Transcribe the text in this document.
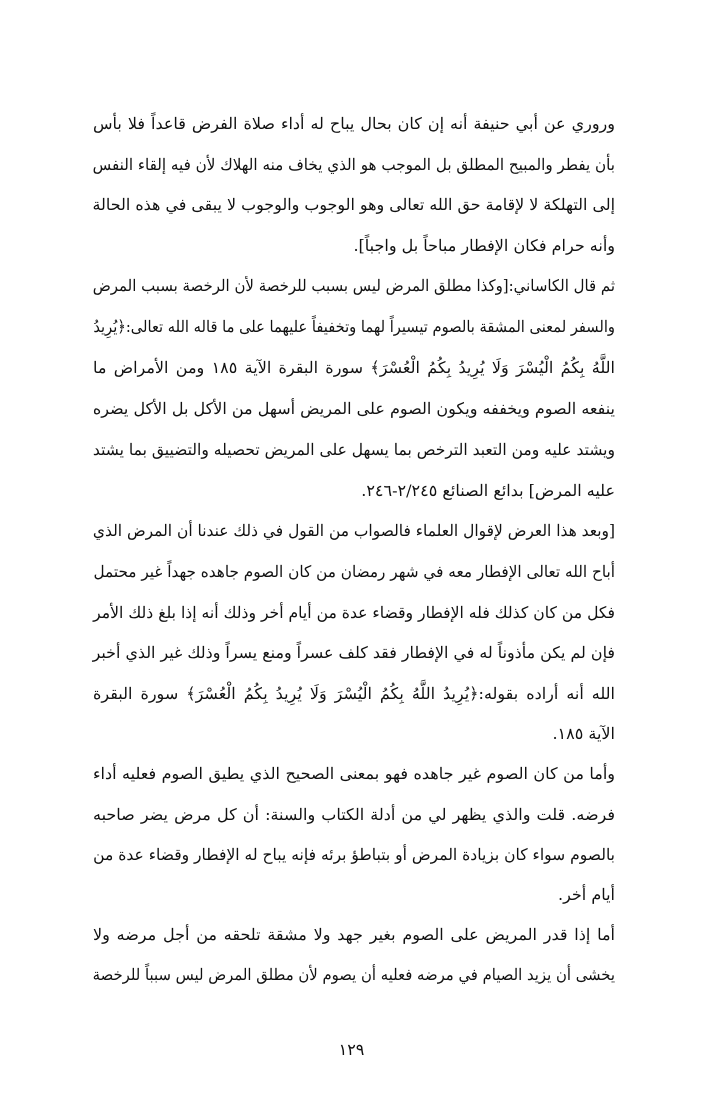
وروري عن أبي حنيفة أنه إن كان بحال يباح له أداء صلاة الفرض قاعداً فلا بأس
بأن يفطر والمبيح المطلق بل الموجب هو الذي يخاف منه الهلاك لأن فيه إلقاء النفس
إلى التهلكة لا لإقامة حق الله تعالى وهو الوجوب والوجوب لا يبقى في هذه الحالة
وأنه حرام فكان الإفطار مباحاً بل واجباً].
ثم قال الكاساني:[وكذا مطلق المرض ليس بسبب للرخصة لأن الرخصة بسبب المرض
والسفر لمعنى المشقة بالصوم تيسيراً لهما وتخفيفاً عليهما على ما قاله الله تعالى:﴿يُرِيدُ
اللَّهُ بِكُمُ الْيُسْرَ وَلَا يُرِيدُ بِكُمُ الْعُسْرَ﴾ سورة البقرة الآية ١٨٥ ومن الأمراض ما
ينفعه الصوم ويخففه ويكون الصوم على المريض أسهل من الأكل بل الأكل يضره
ويشتد عليه ومن التعبد الترخص بما يسهل على المريض تحصيله والتضييق بما يشتد
عليه المرض] بدائع الصنائع ٢/٢٤٥-٢٤٦.
[وبعد هذا العرض لإقوال العلماء فالصواب من القول في ذلك عندنا أن المرض الذي
أباح الله تعالى الإفطار معه في شهر رمضان من كان الصوم جاهده جهداً غير محتمل
فكل من كان كذلك فله الإفطار وقضاء عدة من أيام أخر وذلك أنه إذا بلغ ذلك الأمر
فإن لم يكن مأذوناً له في الإفطار فقد كلف عسراً ومنع يسراً وذلك غير الذي أخبر
الله أنه أراده بقوله:﴿يُرِيدُ اللَّهُ بِكُمُ الْيُسْرَ وَلَا يُرِيدُ بِكُمُ الْعُسْرَ﴾ سورة البقرة
الآية ١٨٥.
وأما من كان الصوم غير جاهده فهو بمعنى الصحيح الذي يطيق الصوم فعليه أداء
فرضه. قلت والذي يظهر لي من أدلة الكتاب والسنة: أن كل مرض يضر صاحبه
بالصوم سواء كان بزيادة المرض أو بتباطؤ برئه فإنه يباح له الإفطار وقضاء عدة من
أيام أخر.
أما إذا قدر المريض على الصوم بغير جهد ولا مشقة تلحقه من أجل مرضه ولا
يخشى أن يزيد الصيام في مرضه فعليه أن يصوم لأن مطلق المرض ليس سبباً للرخصة
١٢٩
